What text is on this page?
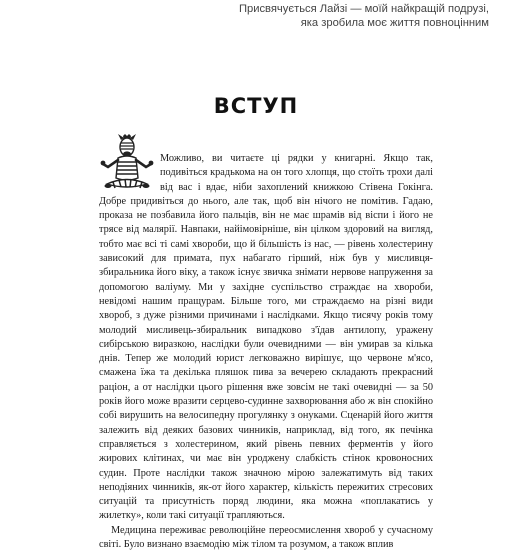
Присвячується Лайзі — моїй найкращій подрузі,
яка зробила моє життя повноцінним
ВСТУП

Можливо, ви читаєте ці рядки у книгарні. Якщо так, подивіться крадькома на он того хлопця, що стоїть трохи далі від вас і вдає, ніби захоплений книжкою Стівена Гокінга. Добре придивіться до нього, але так, щоб він нічого не помітив. Гадаю, проказа не позбавила його пальців, він не має шрамів від віспи і його не трясе від малярії. Навпаки, найімовірніше, він цілком здоровий на вигляд, тобто має всі ті самі хвороби, що й більшість із нас, — рівень холестерину зависокий для примата, пух набагато гірший, ніж був у мисливця-збиральника його віку, а також існує звичка знімати нервове напруження за допомогою валіуму. Ми у західне суспільство страждає на хвороби, невідомі нашим пращурам. Більше того, ми страждаємо на різні види хвороб, з дуже різними причинами і наслідками. Якщо тисячу років тому молодий мисливець-збиральник випадково з'їдав антилопу, уражену сибірською виразкою, наслідки були очевидними — він умирав за кілька днів. Тепер же молодий юрист легковажно вирішує, що червоне м'ясо, смажена їжа та декілька пляшок пива за вечерею складають прекрасний раціон, а от наслідки цього рішення вже зовсім не такі очевидні — за 50 років його може вразити серцево-судинне захворювання або ж він спокійно собі вирушить на велосипедну прогулянку з онуками. Сценарій його життя залежить від деяких базових чинників, наприклад, від того, як печінка справляється з холестерином, який рівень певних ферментів у його жирових клітинах, чи має він уроджену слабкість стінок кровоносних судин. Проте наслідки також значною мірою залежатимуть від таких неподіяних чинників, як-от його характер, кількість пережитих стресових ситуацій та присутність поряд людини, яка можна «поплакатись у жилетку», коли такі ситуації трапляються.

Медицина переживає революційне переосмислення хвороб у сучасному світі. Було визнано взаємодію між тілом та розумом, а також вплив
